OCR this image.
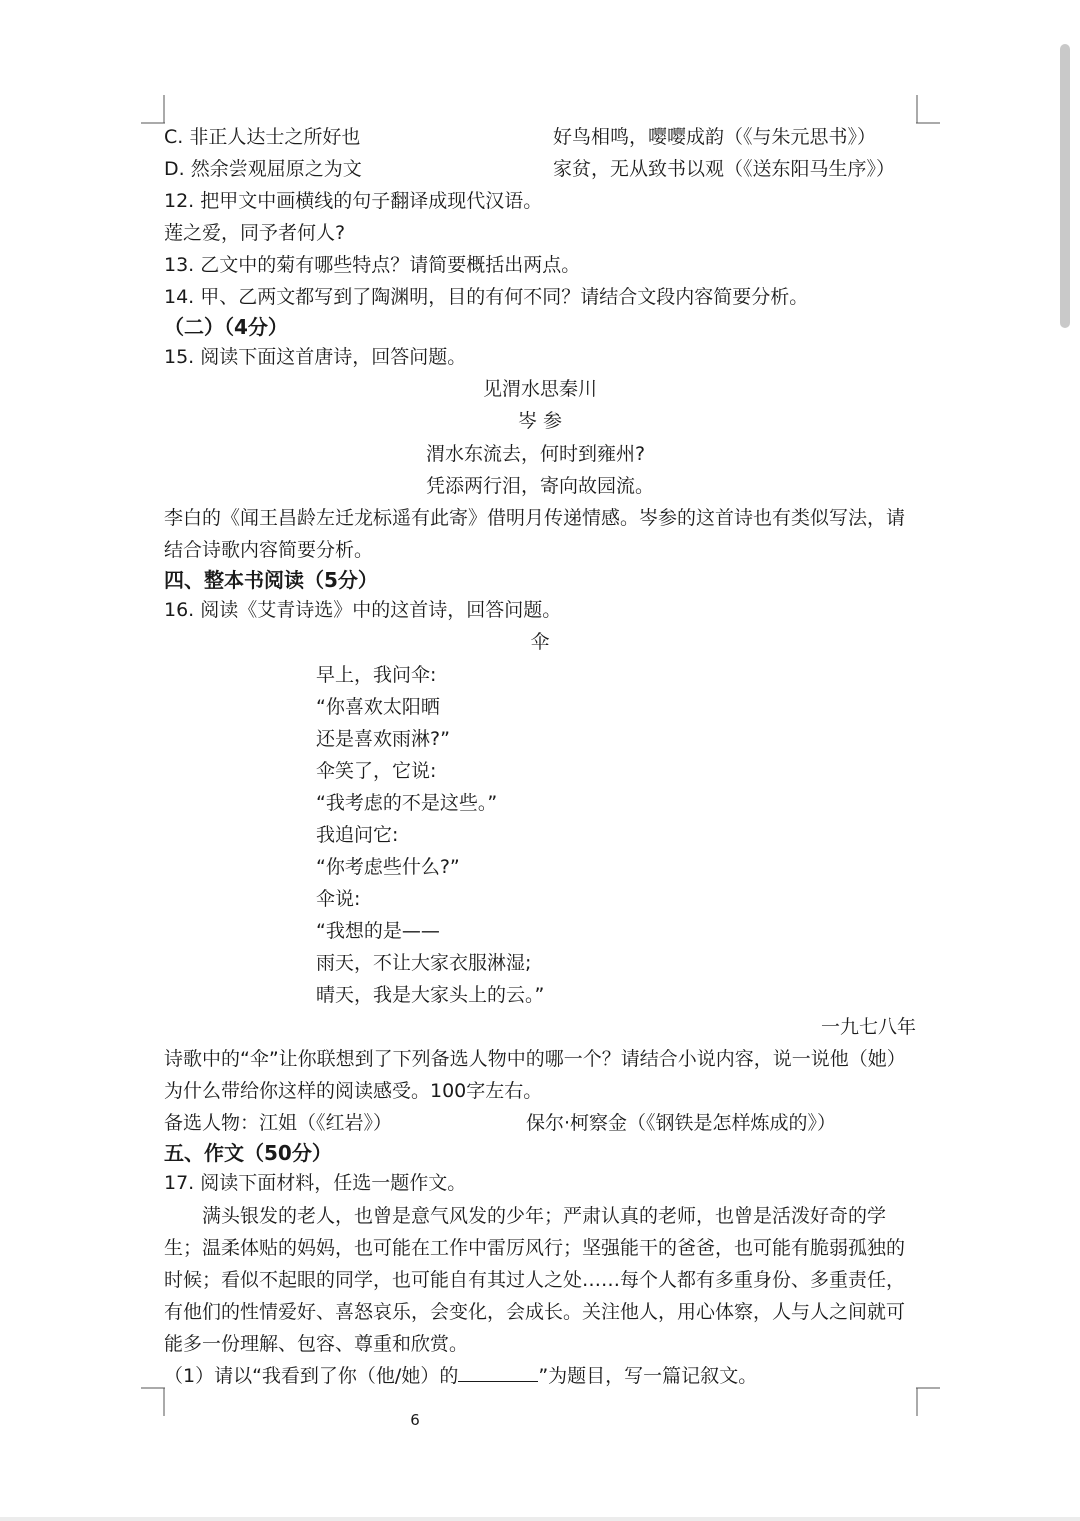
C. 非正人达士之所好也	好鸟相鸣，嘤嘤成韵（《与朱元思书》）
D. 然余尝观屈原之为文	家贫，无从致书以观（《送东阳马生序》）
12. 把甲文中画横线的句子翻译成现代汉语。
莲之爱，同予者何人?
13. 乙文中的菊有哪些特点？请简要概括出两点。
14. 甲、乙两文都写到了陶渊明，目的有何不同？请结合文段内容简要分析。
（二）（4分）
15. 阅读下面这首唐诗，回答问题。
见渭水思秦川
岑 参
渭水东流去，何时到雍州?
凭添两行泪，寄向故园流。
李白的《闻王昌龄左迁龙标遥有此寄》借明月传递情感。岑参的这首诗也有类似写法，请
结合诗歌内容简要分析。
四、整本书阅读（5分）
16. 阅读《艾青诗选》中的这首诗，回答问题。
伞
早上，我问伞:
“你喜欢太阳晒
还是喜欢雨淋?”
伞笑了，它说:
“我考虑的不是这些。”
我追问它:
“你考虑些什么?”
伞说:
“我想的是——
雨天，不让大家衣服淋湿;
晴天，我是大家头上的云。”
一九七八年
诗歌中的“伞”让你联想到了下列备选人物中的哪一个？请结合小说内容，说一说他（她）
为什么带给你这样的阅读感受。100字左右。
备选人物：江姐（《红岩》）	保尔·柯察金（《钢铁是怎样炼成的》）
五、作文（50分）
17. 阅读下面材料，任选一题作文。
满头银发的老人，也曾是意气风发的少年；严肃认真的老师，也曾是活泼好奇的学
生；温柔体贴的妈妈，也可能在工作中雷厉风行；坚强能干的爸爸，也可能有脆弱孤独的
时候；看似不起眼的同学，也可能自有其过人之处……每个人都有多重身份、多重责任，
有他们的性情爱好、喜怒哀乐，会变化，会成长。关注他人，用心体察，人与人之间就可
能多一份理解、包容、尊重和欣赏。
（1）请以“我看到了你（他/她）的	”为题目，写一篇记叙文。
6
